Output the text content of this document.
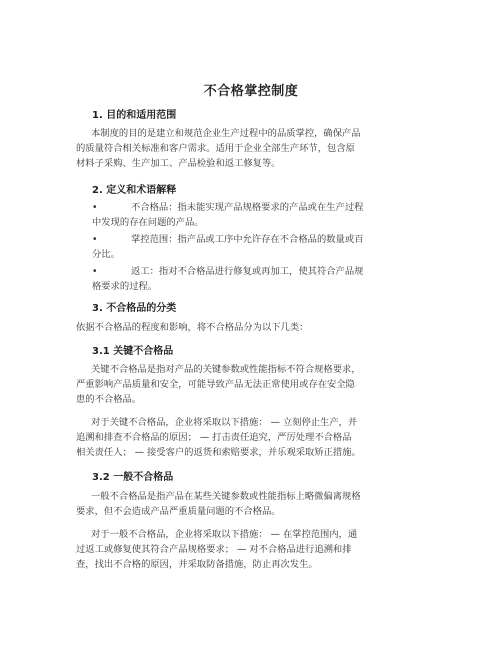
不合格掌控制度
1. 目的和适用范围
本制度的目的是建立和规范企业生产过程中的品质掌控，确保产品
的质量符合相关标准和客户需求。适用于企业全部生产环节，包含原
材料子采购、生产加工、产品检验和返工修复等。
2. 定义和术语解释
•	不合格品：指未能实现产品规格要求的产品或在生产过程
中发现的存在问题的产品。
•	掌控范围：指产品或工序中允许存在不合格品的数量或百
分比。
•	返工：指对不合格品进行修复或再加工，使其符合产品规
格要求的过程。
3. 不合格品的分类
依据不合格品的程度和影响，将不合格品分为以下几类：
3.1 关键不合格品
关键不合格品是指对产品的关键参数或性能指标不符合规格要求，
严重影响产品质量和安全，可能导致产品无法正常使用或存在安全隐
患的不合格品。
对于关键不合格品，企业将采取以下措施： — 立刻停止生产，并
追溯和排查不合格品的原因； — 打击责任追究，严厉处理不合格品
相关责任人； — 接受客户的返货和索赔要求，并乐观采取矫正措施。
3.2 一般不合格品
一般不合格品是指产品在某些关键参数或性能指标上略微偏离规格
要求，但不会造成产品严重质量问题的不合格品。
对于一般不合格品，企业将采取以下措施： — 在掌控范围内，通
过返工或修复使其符合产品规格要求； — 对不合格品进行追溯和排
查，找出不合格的原因，并采取防备措施，防止再次发生。
